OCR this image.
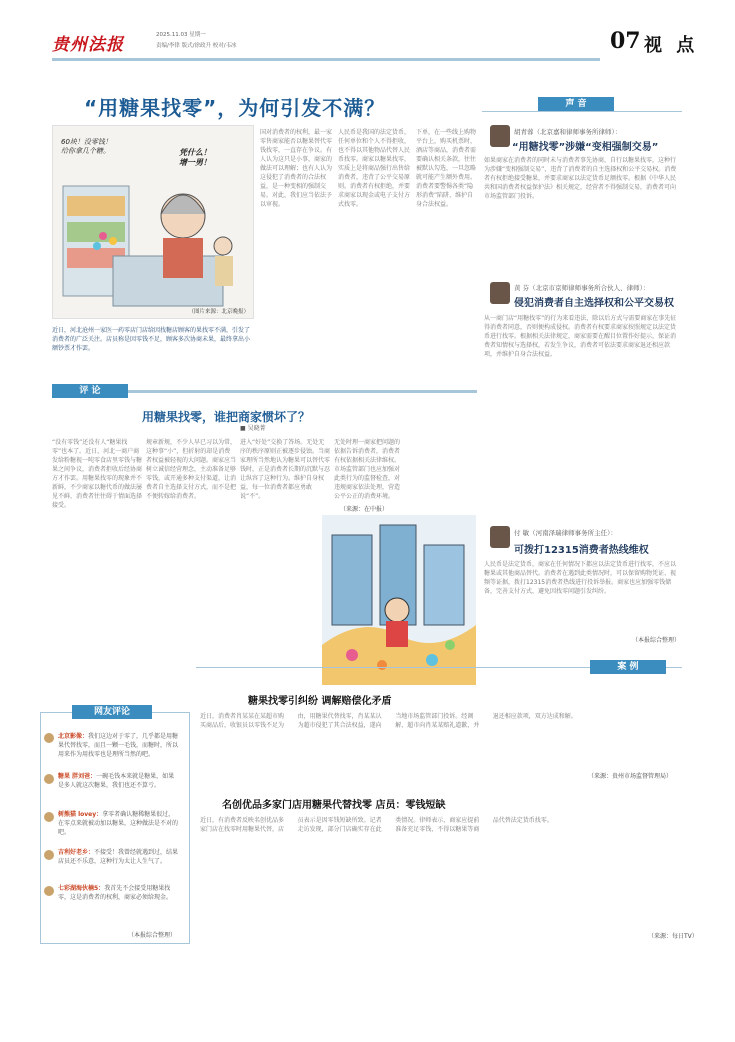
贵州法报	2025.11.03 星期一
责编/李律 版式/徐政升 校对/韦冰	07 视 点
“用糖果找零”，为何引发不满？
60块！没零钱！
给你拿几个糖。	凭什么！
增一男！
（图片来源：北京晚报）
近日，河北沧州一家医一药零店门店给因找糖店顾客的果找零不满，引发了消费者的广泛关注。店员称是因零钱不足，顾客多次协商未果，最终拿出小额钞票才作罢。
国对消费者的权利，最一家零售商家能否以糖果替代零钱找零，一直存在争议。有人认为这只是小事，商家的做法可以理解；也有人认为这侵犯了消费者的合法权益，是一种变相的强制交易。对此，我们应当依法予以审视。
人民币是我国的法定货币，任何单位和个人不得拒收，也不得以其他物品代替人民币找零。商家以糖果找零，实质上是将商品强行出售给消费者，违背了公平交易原则。消费者有权拒绝，并要求商家以现金或电子支付方式找零。
下单，在一些线上购物平台上，购买机票时，酒店等商品，消费者需要确认相关条款，往往被默认勾选，一旦忽略就可能产生额外费用。消费者要警惕各类“隐形消费”陷阱，维护自身合法权益。
声 音
胡青蓉（北京嘉和律师事务所律师）：
“用糖找零”涉嫌“变相强制交易”
如果商家在消费者的同时未与消费者事先协商，自行以糖果找零，这种行为涉嫌“变相强制交易”，违背了消费者的自主选择权和公平交易权。消费者有权拒绝接受糖果，并要求商家以法定货币足额找零。根据《中华人民共和国消费者权益保护法》相关规定，经营者不得强制交易，消费者可向市场监管部门投诉。
黄 芬（北京市京师律师事务所合伙人、律师）：
侵犯消费者自主选择权和公平交易权
从一商门店“用糖找零”的行为来看违法，除以后方式与需要商家在事先征得消费者同意，否则便构成侵权。消费者有权要求商家按照规定以法定货币进行找零。根据相关法律规定，商家需要在醒目位置作好提示，保证消费者知情权与选择权，若发生争议，消费者可依法要求商家退还相应款项，并维护自身合法权益。
付 敏（河南泽瑞律师事务所主任）：
可拨打12315消费者热线维权
人民币是法定货币，商家在任何情况下都应以法定货币进行找零，不应以糖果或其他商品替代。消费者在遇到此类情况时，可以保留购物凭证、视频等证据，拨打12315消费者热线进行投诉举报。商家也应加强零钱储备，完善支付方式，避免因找零问题引发纠纷。
（本报综合整理）
评 论
用糖果找零，谁把商家惯坏了？
■ 吴晓菁
“没有零钱”还没有人“糖果找零”也本了。近日，河北一商户商发给粉糖视一吨零食店里零钱与糖果之间争议，消费者拒收后经协商方才作罢。用糖果找零的现象并不新鲜，不少商家以糖代币的做法屡见不鲜，消费者往往碍于情面选择接受。
规章新规，不少人早已习以为常，这种事“小”，但折射的却是消费者权益被轻视的大问题。商家应当树立诚信经营理念，主动准备足够零钱，或开通多种支付渠道，让消费者自主选择支付方式，而不是把不便转嫁给消费者。
进入“好处”交换了答场。无处无序的秩序原则正被逐步侵蚀。当商家理所当然地认为糖果可以替代零钱时，正是消费者长期的沉默与忍让纵容了这种行为。维护自身权益，每一位消费者都应勇敢说“不”。
无处时理一商家把问题的依据告诉消费者，消费者有权依据相关法律维权。市场监管部门也应加强对此类行为的监督检查，对违规商家依法处理，营造公平公正的消费环境。
（来源：在中报）
网友评论
北京影像：我们这边对于零了，几乎都是用糖果代替找零，而且一颗一毛钱，而糖时，所以用来作为用找零也是理所当然的吧。
糖果 胖刘爸：一碗毛钱本来就是糖果，如果是多人就这次糖果，我们也还不算亏。
树熊猫 lovey：拿零者确认糖稀糖果很过，在零点来就被动加以糖果，这种做法是不对的吧。
吉利好老乡：不接受！我曾经就遇到过，结果店员还不乐意，这种行为太让人生气了。
七彩湖海伙楠5：我首先不会接受用糖果找零，这是消费者的权利，商家必须给现金。
（本报综合整理）
案 例
糖果找零引纠纷 调解赔偿化矛盾
近日，消费者肖某某在某超市购买商品后，收银员以零钱不足为由，用糖果代替找零，肖某某认为超市侵犯了其合法权益，遂向当地市场监管部门投诉。经调解，超市向肖某某赔礼道歉，并退还相应款项，双方达成和解。
（来源：贵州市场监督管理局）
名创优品多家门店用糖果代替找零 店员：零钱短缺
近日，有消费者反映名创优品多家门店在找零时用糖果代替，店员表示是因零钱短缺所致。记者走访发现，部分门店确实存在此类情况。律师表示，商家应提前准备充足零钱，不得以糖果等商品代替法定货币找零。
（来源：每日TV）
